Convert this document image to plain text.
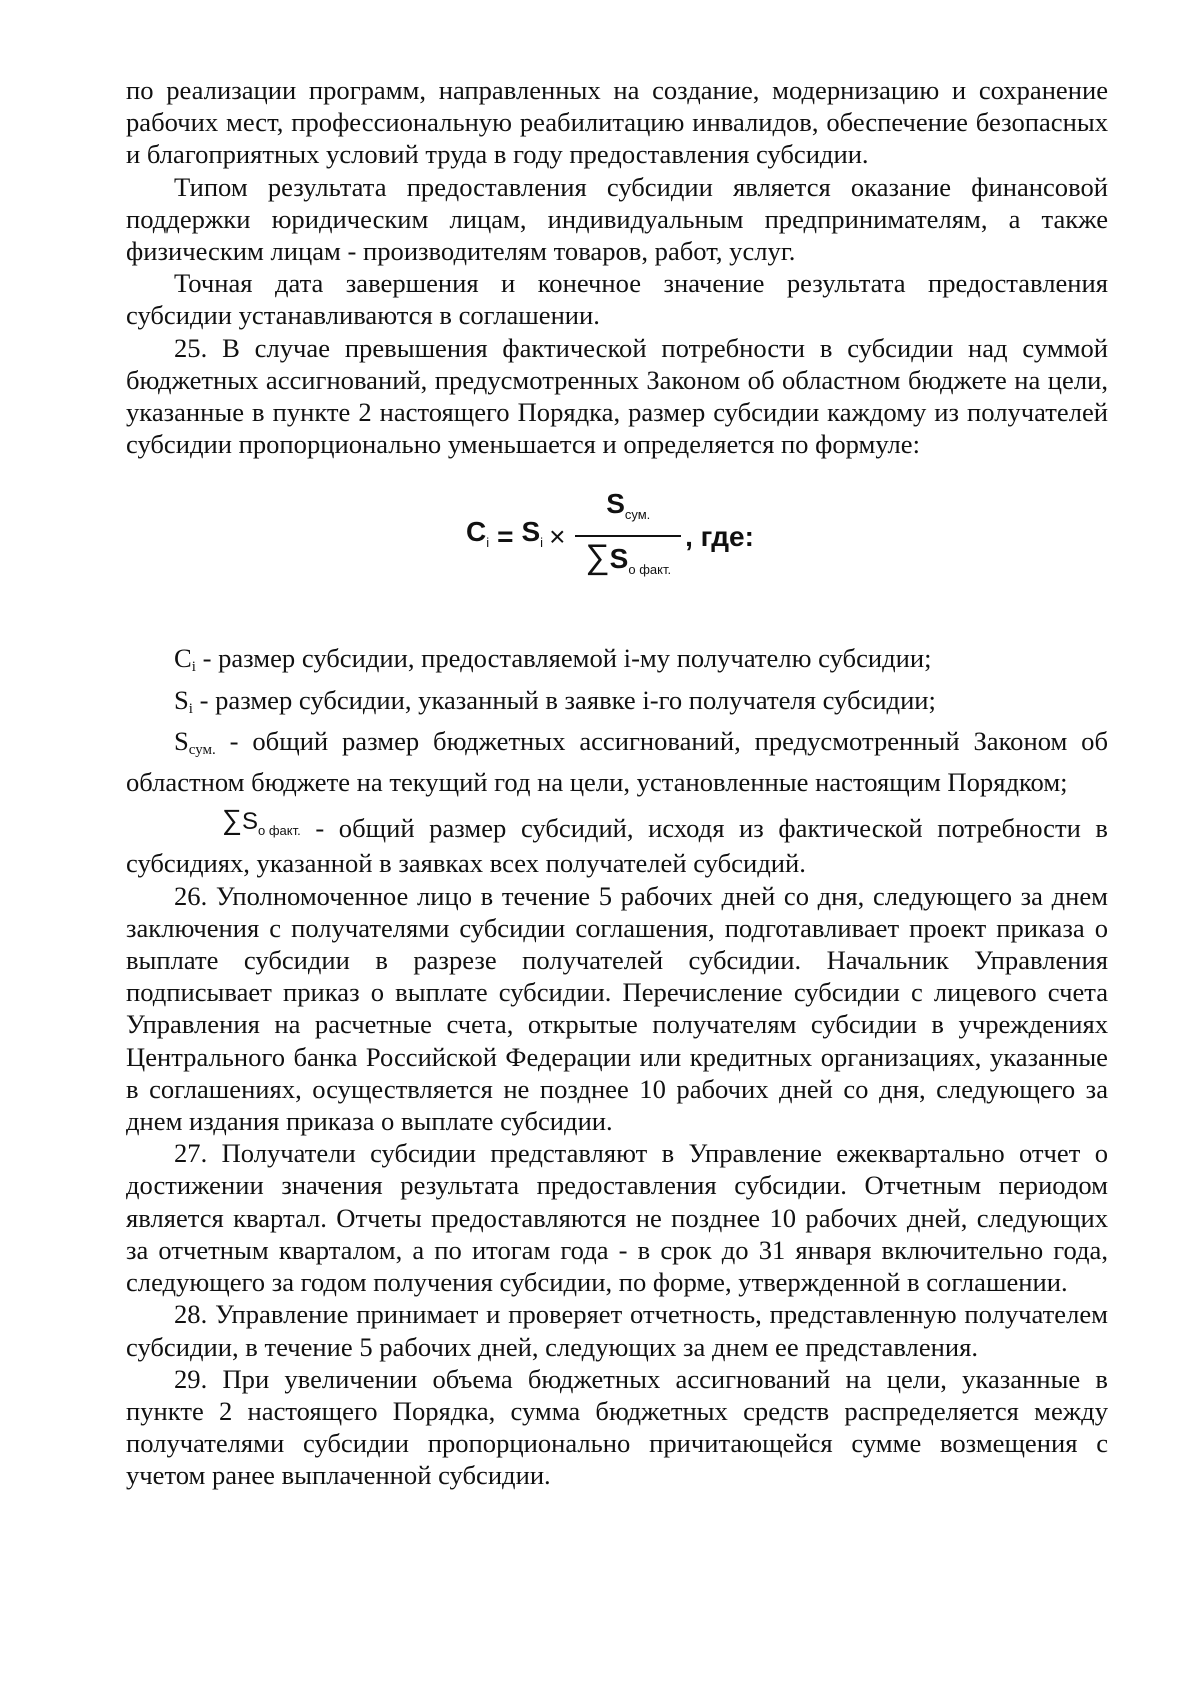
по реализации программ, направленных на создание, модернизацию и сохранение рабочих мест, профессиональную реабилитацию инвалидов, обеспечение безопасных и благоприятных условий труда в году предоставления субсидии.

Типом результата предоставления субсидии является оказание финансовой поддержки юридическим лицам, индивидуальным предпринимателям, а также физическим лицам - производителям товаров, работ, услуг.

Точная дата завершения и конечное значение результата предоставления субсидии устанавливаются в соглашении.

25. В случае превышения фактической потребности в субсидии над суммой бюджетных ассигнований, предусмотренных Законом об областном бюджете на цели, указанные в пункте 2 настоящего Порядка, размер субсидии каждому из получателей субсидии пропорционально уменьшается и определяется по формуле:

$C_i = S_i \times \frac{S_{сум.}}{\sum S_{о факт.}}$ , где:

Ci - размер субсидии, предоставляемой i-му получателю субсидии;

Si - размер субсидии, указанный в заявке i-го получателя субсидии;

Sсум. - общий размер бюджетных ассигнований, предусмотренный Законом об областном бюджете на текущий год на цели, установленные настоящим Порядком;

$\sum S_{о факт.}$ - общий размер субсидий, исходя из фактической потребности в субсидиях, указанной в заявках всех получателей субсидий.

26. Уполномоченное лицо в течение 5 рабочих дней со дня, следующего за днем заключения с получателями субсидии соглашения, подготавливает проект приказа о выплате субсидии в разрезе получателей субсидии. Начальник Управления подписывает приказ о выплате субсидии. Перечисление субсидии с лицевого счета Управления на расчетные счета, открытые получателям субсидии в учреждениях Центрального банка Российской Федерации или кредитных организациях, указанные в соглашениях, осуществляется не позднее 10 рабочих дней со дня, следующего за днем издания приказа о выплате субсидии.

27. Получатели субсидии представляют в Управление ежеквартально отчет о достижении значения результата предоставления субсидии. Отчетным периодом является квартал. Отчеты предоставляются не позднее 10 рабочих дней, следующих за отчетным кварталом, а по итогам года - в срок до 31 января включительно года, следующего за годом получения субсидии, по форме, утвержденной в соглашении.

28. Управление принимает и проверяет отчетность, представленную получателем субсидии, в течение 5 рабочих дней, следующих за днем ее представления.

29. При увеличении объема бюджетных ассигнований на цели, указанные в пункте 2 настоящего Порядка, сумма бюджетных средств распределяется между получателями субсидии пропорционально причитающейся сумме возмещения с учетом ранее выплаченной субсидии.
